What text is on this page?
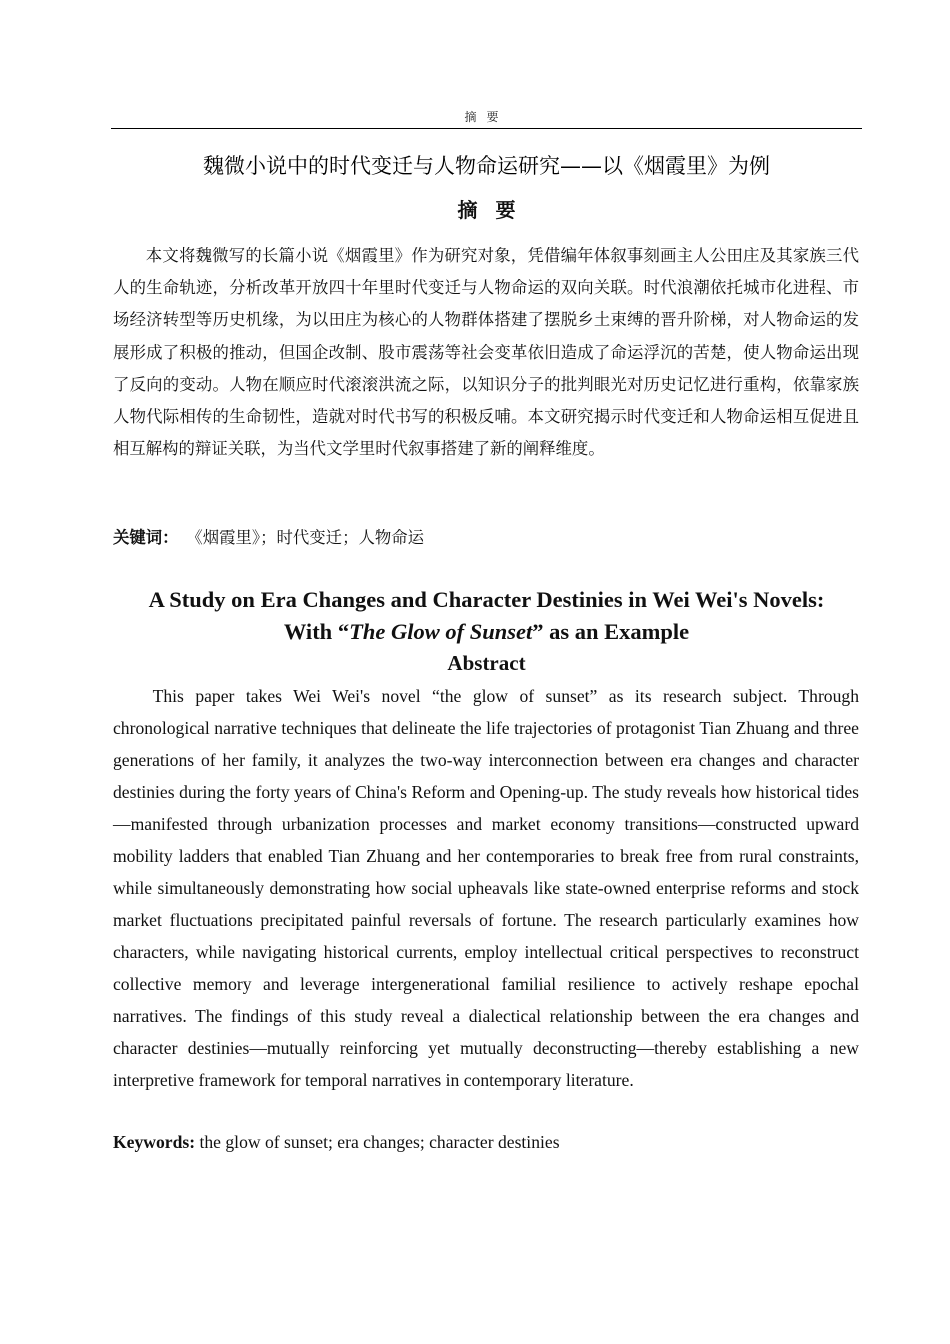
摘要
魏微小说中的时代变迁与人物命运研究——以《烟霞里》为例
摘要

本文将魏微写的长篇小说《烟霞里》作为研究对象，凭借编年体叙事刻画主人公田庄及其家族三代人的生命轨迹，分析改革开放四十年里时代变迁与人物命运的双向关联。时代浪潮依托城市化进程、市场经济转型等历史机缘，为以田庄为核心的人物群体搭建了摆脱乡土束缚的晋升阶梯，对人物命运的发展形成了积极的推动，但国企改制、股市震荡等社会变革依旧造成了命运浮沉的苦楚，使人物命运出现了反向的变动。人物在顺应时代滚滚洪流之际，以知识分子的批判眼光对历史记忆进行重构，依靠家族人物代际相传的生命韧性，造就对时代书写的积极反哺。本文研究揭示时代变迁和人物命运相互促进且相互解构的辩证关联，为当代文学里时代叙事搭建了新的阐释维度。

关键词： 《烟霞里》；时代变迁；人物命运
A Study on Era Changes and Character Destinies in Wei Wei's Novels:
With “The Glow of Sunset” as an Example
Abstract

This paper takes Wei Wei's novel “the glow of sunset” as its research subject. Through chronological narrative techniques that delineate the life trajectories of protagonist Tian Zhuang and three generations of her family, it analyzes the two-way interconnection between era changes and character destinies during the forty years of China's Reform and Opening-up. The study reveals how historical tides—manifested through urbanization processes and market economy transitions—constructed upward mobility ladders that enabled Tian Zhuang and her contemporaries to break free from rural constraints, while simultaneously demonstrating how social upheavals like state-owned enterprise reforms and stock market fluctuations precipitated painful reversals of fortune. The research particularly examines how characters, while navigating historical currents, employ intellectual critical perspectives to reconstruct collective memory and leverage intergenerational familial resilience to actively reshape epochal narratives. The findings of this study reveal a dialectical relationship between the era changes and character destinies—mutually reinforcing yet mutually deconstructing—thereby establishing a new interpretive framework for temporal narratives in contemporary literature.

Keywords: the glow of sunset; era changes; character destinies
